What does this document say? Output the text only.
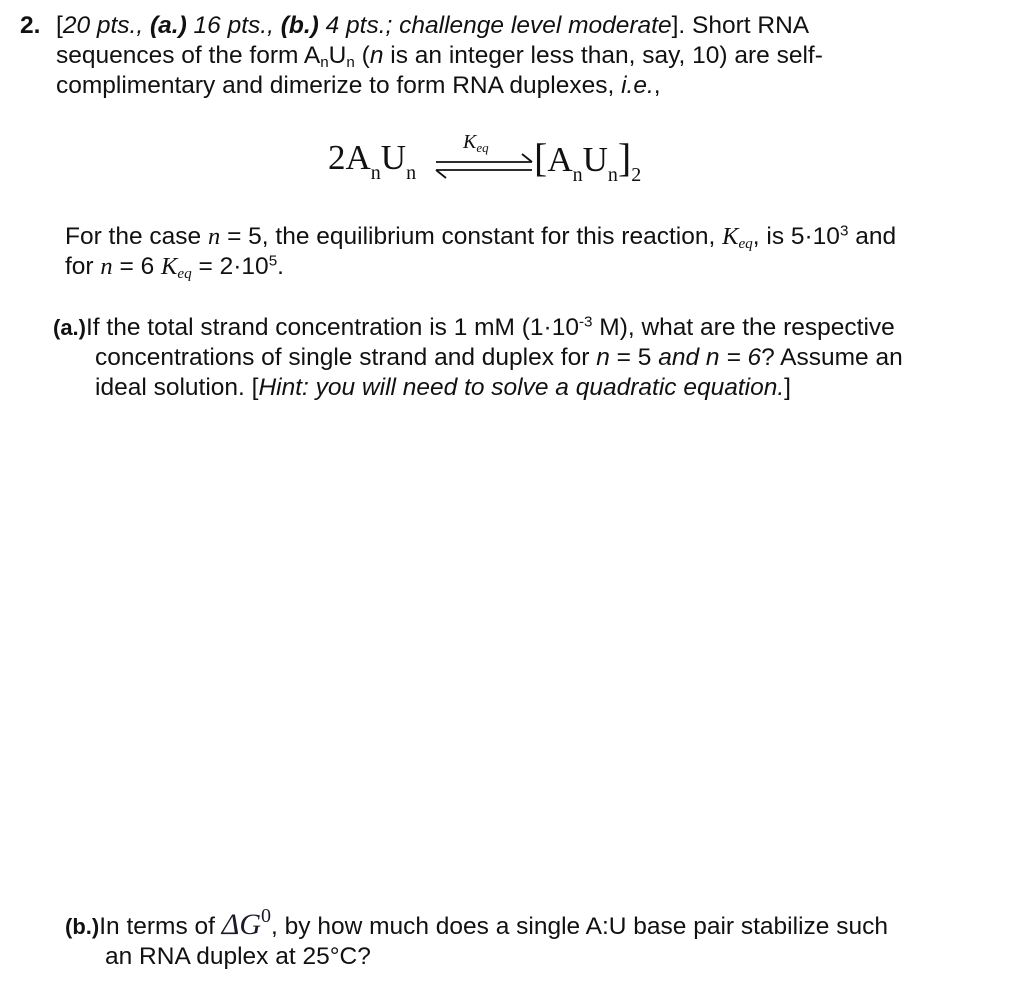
2. [20 pts., (a.) 16 pts., (b.) 4 pts.; challenge level moderate]. Short RNA
sequences of the form $A_nU_n$ (n is an integer less than, say, 10) are self-
complimentary and dimerize to form RNA duplexes, i.e.,
$2A_nU_n$
$K_{eq}$ $[A_nU_n]_2$
For the case n = 5, the equilibrium constant for this reaction, $K_{eq}$, is $5\cdot 10^3$ and
for n = 6 $K_{eq} = 2\cdot 10^5$.
(a.)If the total strand concentration is 1 mM ($1\cdot 10^{-3}$ M), what are the respective
concentrations of single strand and duplex for n = 5 and n = 6? Assume an
ideal solution. [Hint: you will need to solve a quadratic equation.]
(b.)In terms of $\Delta G^0$, by how much does a single A:U base pair stabilize such
an RNA duplex at 25°C?
